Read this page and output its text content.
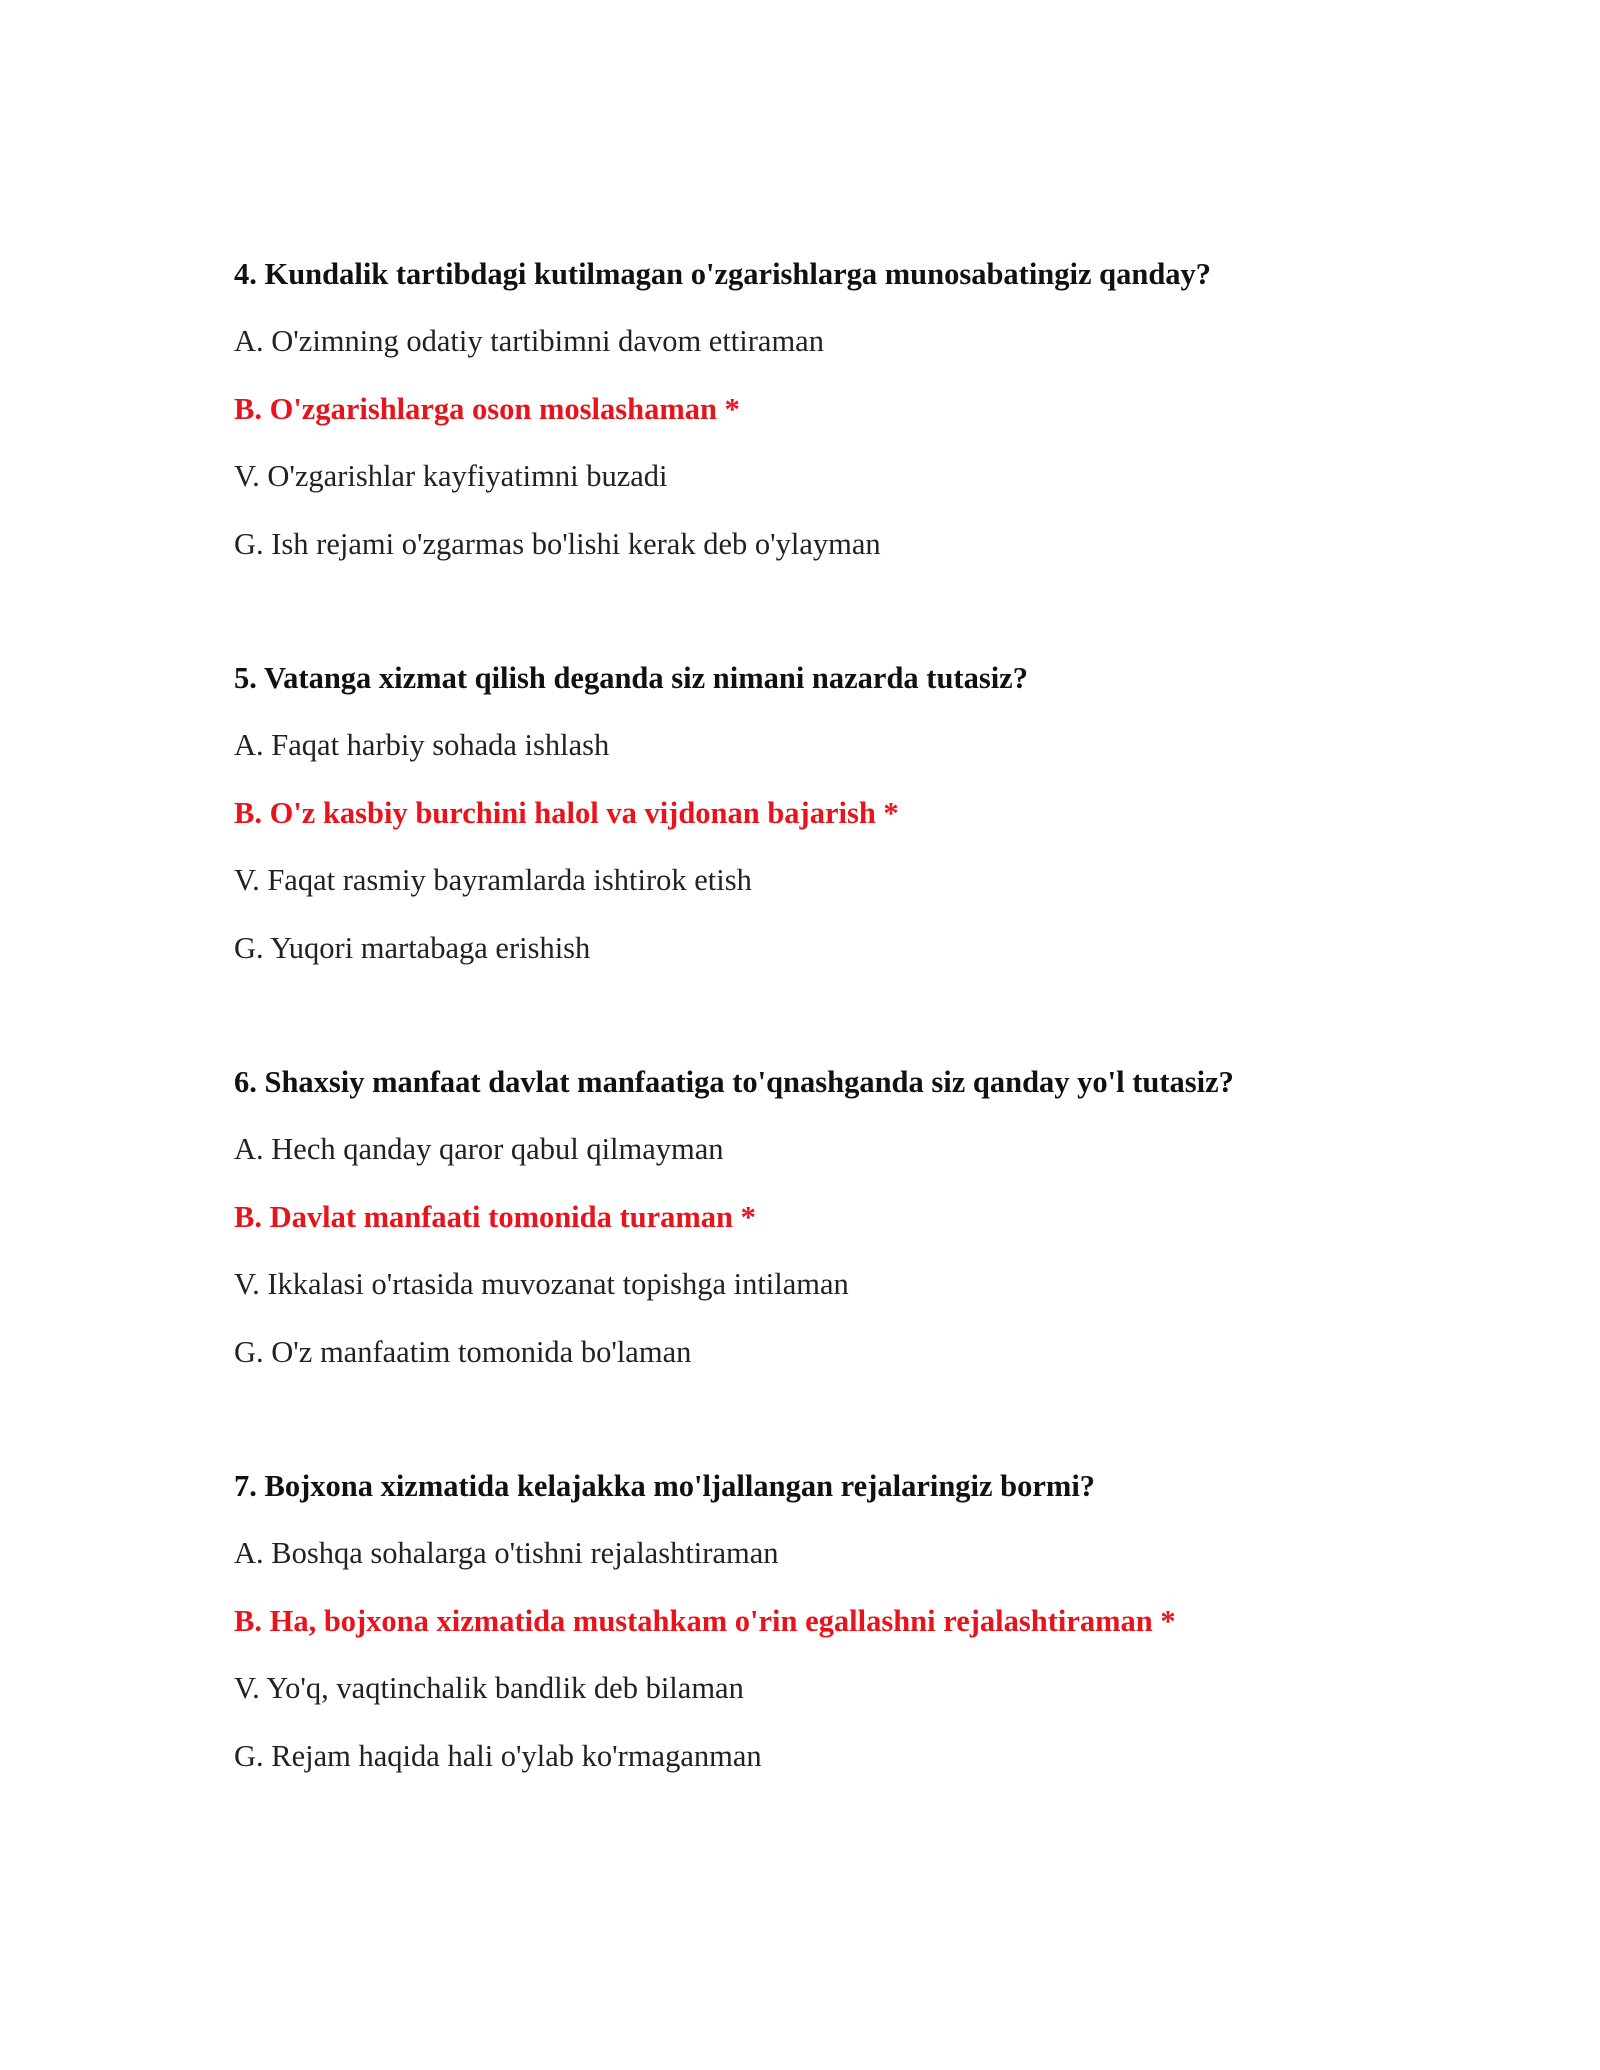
4. Kundalik tartibdagi kutilmagan o'zgarishlarga munosabatingiz qanday?
A. O'zimning odatiy tartibimni davom ettiraman
B. O'zgarishlarga oson moslashaman *
V. O'zgarishlar kayfiyatimni buzadi
G. Ish rejami o'zgarmas bo'lishi kerak deb o'ylayman
5. Vatanga xizmat qilish deganda siz nimani nazarda tutasiz?
A. Faqat harbiy sohada ishlash
B. O'z kasbiy burchini halol va vijdonan bajarish *
V. Faqat rasmiy bayramlarda ishtirok etish
G. Yuqori martabaga erishish
6. Shaxsiy manfaat davlat manfaatiga to'qnashganda siz qanday yo'l tutasiz?
A. Hech qanday qaror qabul qilmayman
B. Davlat manfaati tomonida turaman *
V. Ikkalasi o'rtasida muvozanat topishga intilaman
G. O'z manfaatim tomonida bo'laman
7. Bojxona xizmatida kelajakka mo'ljallangan rejalaringiz bormi?
A. Boshqa sohalarga o'tishni rejalashtiraman
B. Ha, bojxona xizmatida mustahkam o'rin egallashni rejalashtiraman *
V. Yo'q, vaqtinchalik bandlik deb bilaman
G. Rejam haqida hali o'ylab ko'rmaganman
